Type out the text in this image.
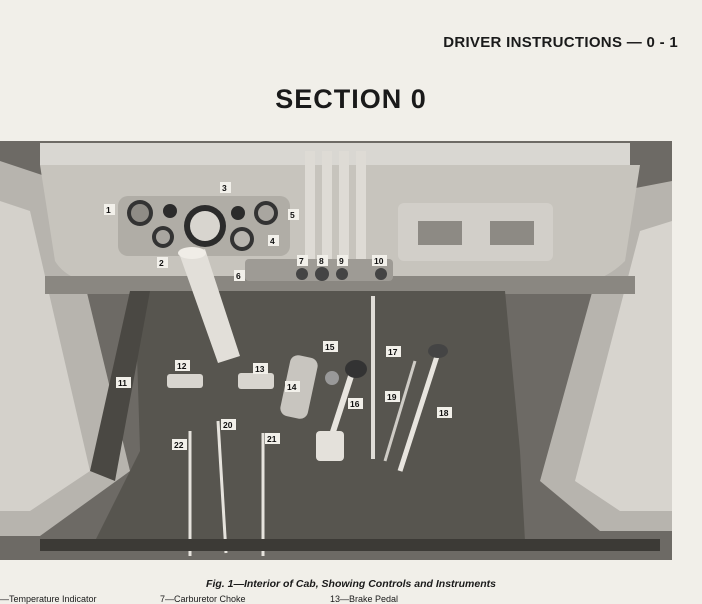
DRIVER INSTRUCTIONS — 0 - 1
SECTION 0
1
2
3
4
5
6
7 8 9	10
11
12	13
14
15
16
17
18
19
20
21
22
Fig. 1—Interior of Cab, Showing Controls and Instruments
—Temperature Indicator	7—Carburetor Choke	13—Brake Pedal
